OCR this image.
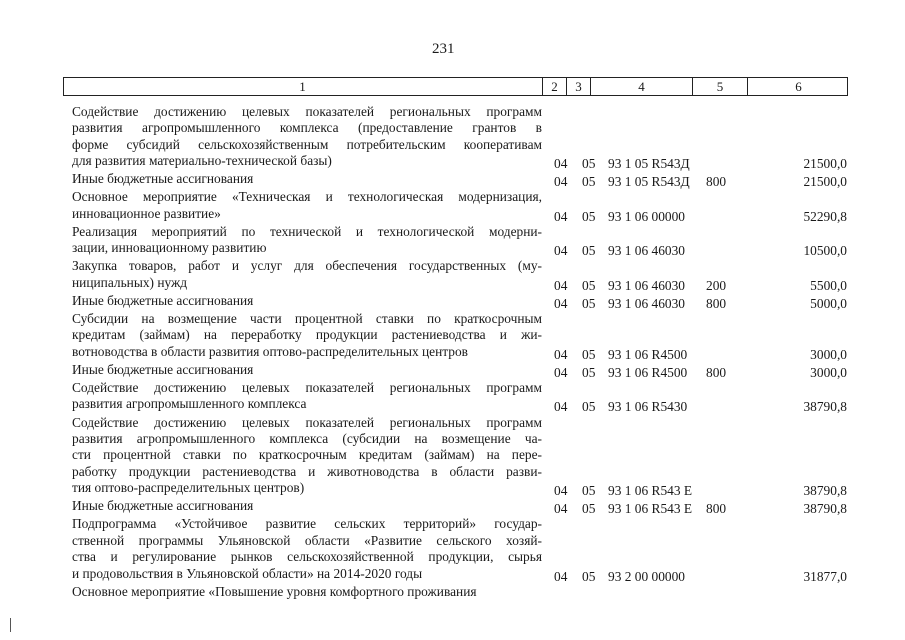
231
1	2	3	4	5	6
Содействие достижению целевых показателей региональных программ
развития агропромышленного комплекса (предоставление грантов в
форме субсидий сельскохозяйственным потребительским кооперативам
для развития материально-технической базы)	04 05 93 1 05 R543Д	21500,0
Иные бюджетные ассигнования	04 05 93 1 05 R543Д 800	21500,0
Основное мероприятие «Техническая и технологическая модернизация,
инновационное развитие»	04 05 93 1 06 00000	52290,8
Реализация мероприятий по технической и технологической модерни-
зации, инновационному развитию	04 05 93 1 06 46030	10500,0
Закупка товаров, работ и услуг для обеспечения государственных (му-
ниципальных) нужд	04 05 93 1 06 46030 200	5500,0
Иные бюджетные ассигнования	04 05 93 1 06 46030 800	5000,0
Субсидии на возмещение части процентной ставки по краткосрочным
кредитам (займам) на переработку продукции растениеводства и жи-
вотноводства в области развития оптово-распределительных центров	04 05 93 1 06 R4500	3000,0
Иные бюджетные ассигнования	04 05 93 1 06 R4500 800	3000,0
Содействие достижению целевых показателей региональных программ
развития агропромышленного комплекса	04 05 93 1 06 R5430	38790,8
Содействие достижению целевых показателей региональных программ
развития агропромышленного комплекса (субсидии на возмещение ча-
сти процентной ставки по краткосрочным кредитам (займам) на пере-
работку продукции растениеводства и животноводства в области разви-
тия оптово-распределительных центров)	04 05 93 1 06 R543 E	38790,8
Иные бюджетные ассигнования	04 05 93 1 06 R543 E 800	38790,8
Подпрограмма «Устойчивое развитие сельских территорий» государ-
ственной программы Ульяновской области «Развитие сельского хозяй-
ства и регулирование рынков сельскохозяйственной продукции, сырья
и продовольствия в Ульяновской области» на 2014-2020 годы	04 05 93 2 00 00000	31877,0
Основное мероприятие «Повышение уровня комфортного проживания
